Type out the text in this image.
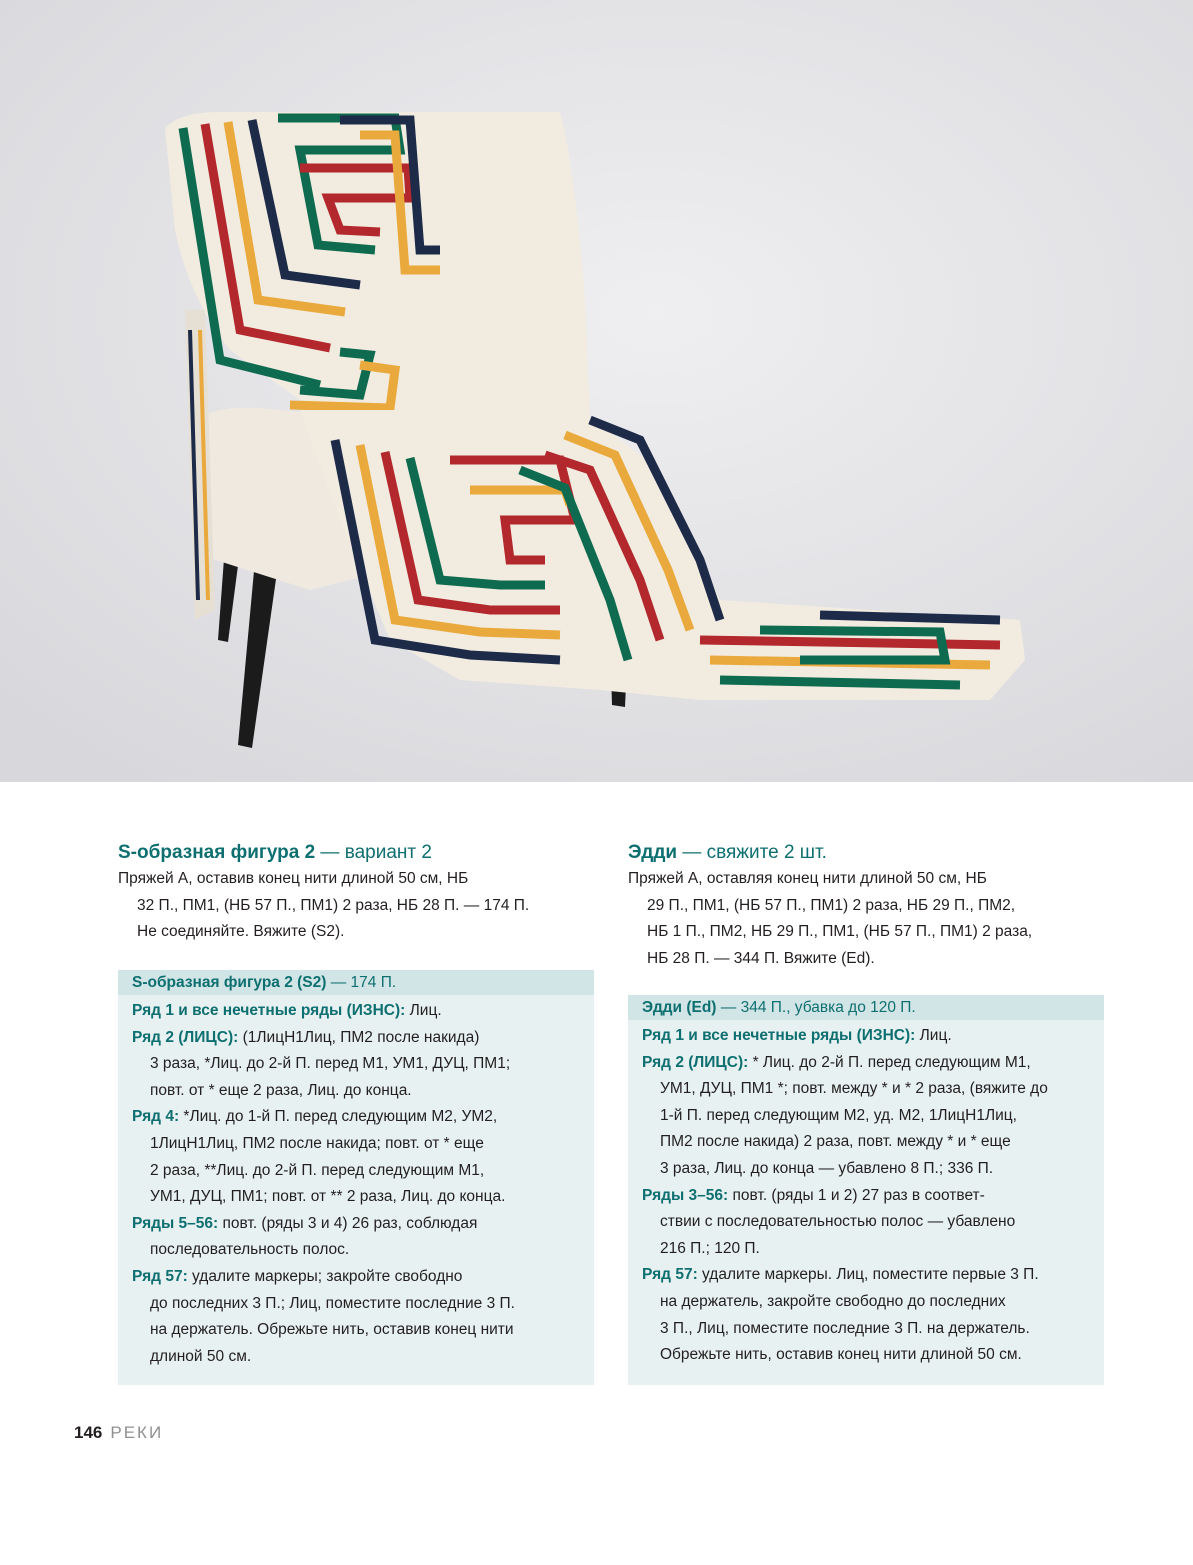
S-образная фигура 2 — вариант 2
Пряжей A, оставив конец нити длиной 50 см, НБ
32 П., ПМ1, (НБ 57 П., ПМ1) 2 раза, НБ 28 П. — 174 П.
Не соединяйте. Вяжите (S2).
S-образная фигура 2 (S2) — 174 П.
Ряд 1 и все нечетные ряды (ИЗНС): Лиц.
Ряд 2 (ЛИЦС): (1ЛицН1Лиц, ПМ2 после накида)
3 раза, *Лиц. до 2-й П. перед М1, УМ1, ДУЦ, ПМ1;
повт. от * еще 2 раза, Лиц. до конца.
Ряд 4: *Лиц. до 1-й П. перед следующим М2, УМ2,
1ЛицН1Лиц, ПМ2 после накида; повт. от * еще
2 раза, **Лиц. до 2-й П. перед следующим М1,
УМ1, ДУЦ, ПМ1; повт. от ** 2 раза, Лиц. до конца.
Ряды 5–56: повт. (ряды 3 и 4) 26 раз, соблюдая
последовательность полос.
Ряд 57: удалите маркеры; закройте свободно
до последних 3 П.; Лиц, поместите последние 3 П.
на держатель. Обрежьте нить, оставив конец нити
длиной 50 см.
Эдди — свяжите 2 шт.
Пряжей A, оставляя конец нити длиной 50 см, НБ
29 П., ПМ1, (НБ 57 П., ПМ1) 2 раза, НБ 29 П., ПМ2,
НБ 1 П., ПМ2, НБ 29 П., ПМ1, (НБ 57 П., ПМ1) 2 раза,
НБ 28 П. — 344 П. Вяжите (Ed).
Эдди (Ed) — 344 П., убавка до 120 П.
Ряд 1 и все нечетные ряды (ИЗНС): Лиц.
Ряд 2 (ЛИЦС): * Лиц. до 2-й П. перед следующим М1,
УМ1, ДУЦ, ПМ1 *; повт. между * и * 2 раза, (вяжите до
1-й П. перед следующим М2, уд. М2, 1ЛицН1Лиц,
ПМ2 после накида) 2 раза, повт. между * и * еще
3 раза, Лиц. до конца — убавлено 8 П.; 336 П.
Ряды 3–56: повт. (ряды 1 и 2) 27 раз в соответ-
ствии с последовательностью полос — убавлено
216 П.; 120 П.
Ряд 57: удалите маркеры. Лиц, поместите первые 3 П.
на держатель, закройте свободно до последних
3 П., Лиц, поместите последние 3 П. на держатель.
Обрежьте нить, оставив конец нити длиной 50 см.
146 РЕКИ
